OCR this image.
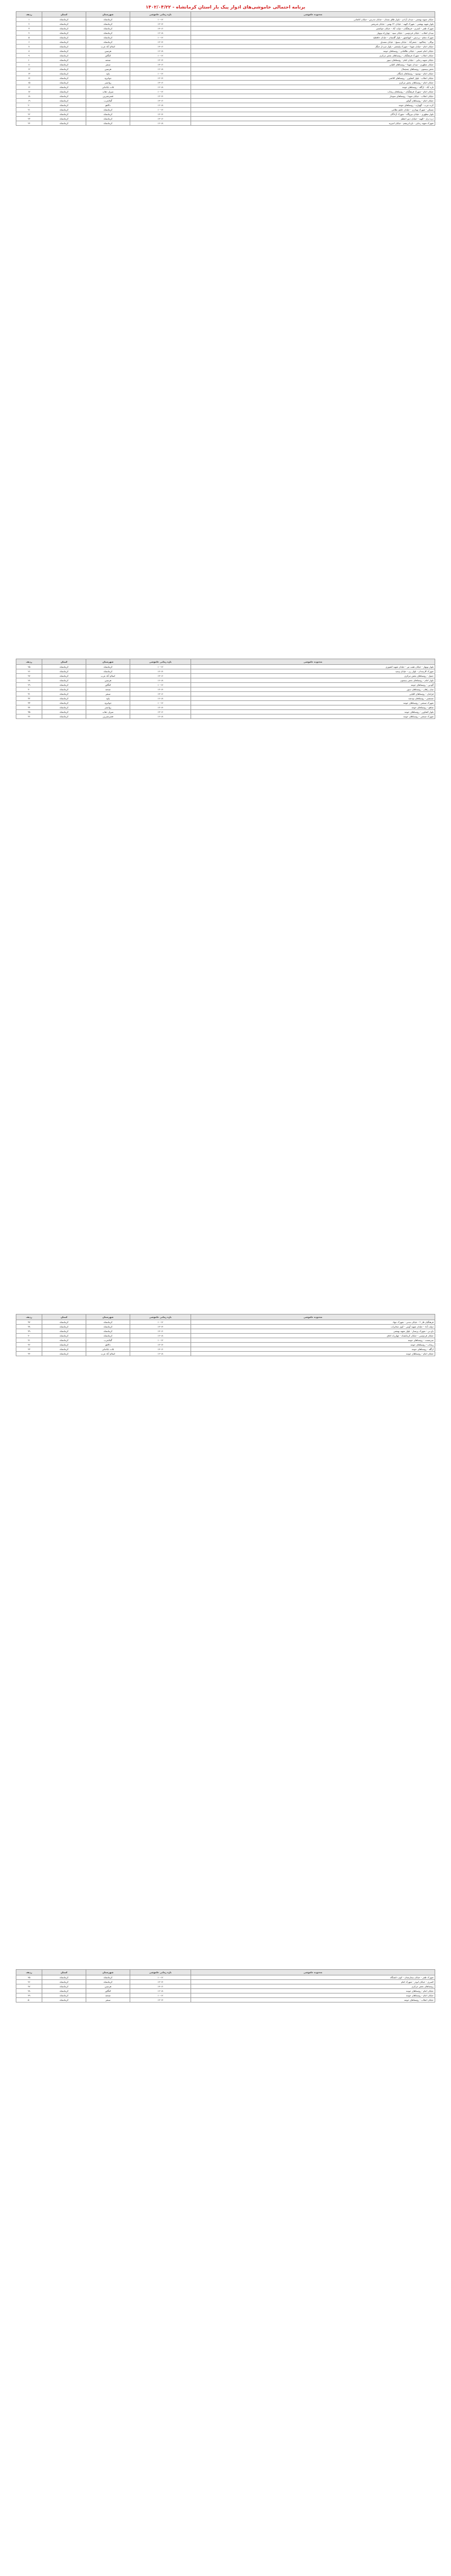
برنامه احتمالی خاموشی‌های ادوار پیک بار استان کرمانشاه - ۱۴۰۲/۰۴/۲۲
محدوده خاموشی	بازه زمانی خاموشی	شهرستان	استان	ردیف
خیابان شهید بهشتی - میدان آزادی - بلوار طاق بستان - خیابان مدرس - خیابان کاشانی	۱۰-۱۲	کرمانشاه	کرمانشاه	۱
بلوار شهید بهشتی - شهرک الهیه - خیابان ۲۲ بهمن - خیابان شریعتی	۱۲-۱۴	کرمانشاه	کرمانشاه	۲
شهرک ظفر - کسری - فرهنگیان - دولت آباد - خیابان جوانشیر	۱۴-۱۶	کرمانشاه	کرمانشاه	۳
میدان انقلاب - خیابان فردوسی - خیابان سپه - چهارراه نوبهار	۱۶-۱۸	کرمانشاه	کرمانشاه	۴
شهرک معلم - پردیس - کیهانشهر - بلوار گلستان - خیابان حافظیه	۱۰-۱۲	کرمانشاه	کرمانشاه	۵
نوکان - چقاکبود - جعفرآباد - خیابان بسیج - خیابان مصدق	۱۲-۱۴	کرمانشاه	کرمانشاه	۶
خیابان امام - خیابان شهدا - شهرک ولیعصر - بلوار سردار جنگل	۱۴-۱۶	اسلام آباد غرب	کرمانشاه	۷
خیابان امام خمینی - خیابان طالقانی - روستاهای حومه	۱۶-۱۸	هرسین	کرمانشاه	۸
خیابان انقلاب - شهرک فرهنگیان - روستاهای بخش مرکزی	۱۰-۱۲	کنگاور	کرمانشاه	۹
خیابان شهید رجایی - خیابان امام - روستاهای دینور	۱۲-۱۴	صحنه	کرمانشاه	۱۰
خیابان مطهری - میدان شهدا - روستاهای کلیایی	۱۴-۱۶	سنقر	کرمانشاه	۱۱
بخش بیستون - روستاهای چمچمال	۱۶-۱۸	هرسین	کرمانشاه	۱۲
خیابان امام - نوسود - روستاهای باینگان	۱۰-۱۲	پاوه	کرمانشاه	۱۳
خیابان انقلاب - بلوار کشاورز - روستاهای کلاشی	۱۲-۱۴	جوانرود	کرمانشاه	۱۴
خیابان امام - روستاهای بخش مرکزی	۱۴-۱۶	روانسر	کرمانشاه	۱۵
تازه آباد - ازگله - روستاهای حومه	۱۶-۱۸	ثلاث باباجانی	کرمانشاه	۱۶
خیابان امام - شهرک فرهنگیان - روستاهای ریجاب	۱۰-۱۲	سرپل ذهاب	کرمانشاه	۱۷
خیابان انقلاب - خیابان شهدا - روستاهای سومار	۱۲-۱۴	قصرشیرین	کرمانشاه	۱۸
خیابان امام - روستاهای گواور	۱۴-۱۶	گیلانغرب	کرمانشاه	۱۹
کرند غرب - گهواره - روستاهای حومه	۱۶-۱۸	دالاهو	کرمانشاه	۲۰
مسکن - شهرک بهداری - خیابان حکیم نظامی	۱۰-۱۲	کرمانشاه	کرمانشاه	۲۱
بلوار مطهری - خیابان نیروگاه - شهرک آزادگان	۱۲-۱۴	کرمانشاه	کرمانشاه	۲۲
دره دراز - الهیه - خیابان دبیر اعظم	۱۴-۱۶	کرمانشاه	کرمانشاه	۲۳
شهرک شهید رجایی - باغ ابریشم - خیابان امیریه	۱۶-۱۸	کرمانشاه	کرمانشاه	۲۴
محدوده خاموشی	بازه زمانی خاموشی	شهرستان	استان	ردیف
بلوار نوبهار - خیابان هفت تیر - خیابان شهید کشوری	۱۰-۱۲	کرمانشاه	کرمانشاه	۲۵
شهرک کارمندان - بلوار زن - خیابان وحید	۱۲-۱۴	کرمانشاه	کرمانشاه	۲۶
حمیل - روستاهای بخش مرکزی	۱۴-۱۶	اسلام آباد غرب	کرمانشاه	۲۷
بلوار امام - روستاهای بخش بیستون	۱۶-۱۸	هرسین	کرمانشاه	۲۸
گودین - روستاهای حومه	۱۰-۱۲	کنگاور	کرمانشاه	۲۹
میان راهان - روستاهای دینور	۱۲-۱۴	صحنه	کرمانشاه	۳۰
فرامان - روستاهای کلیایی	۱۴-۱۶	سنقر	کرمانشاه	۳۱
شمشیر - روستاهای نودشه	۱۶-۱۸	پاوه	کرمانشاه	۳۲
شهرک صنعتی - روستاهای حومه	۱۰-۱۲	جوانرود	کرمانشاه	۳۳
شاهو - روستاهای حومه	۱۲-۱۴	روانسر	کرمانشاه	۳۴
بلوار کشاورز - روستاهای حومه	۱۴-۱۶	سرپل ذهاب	کرمانشاه	۳۵
شهرک صنعتی - روستاهای حومه	۱۶-۱۸	قصرشیرین	کرمانشاه	۳۶
محدوده خاموشی	بازه زمانی خاموشی	شهرستان	استان	ردیف
فرهنگیان فاز ۲ - خیابان مدنی - شهرک جهاد	۱۰-۱۲	کرمانشاه	کرمانشاه	۳۷
دولت آباد - خیابان شهید آوینی - کوی مخابرات	۱۲-۱۴	کرمانشاه	کرمانشاه	۳۸
باغ نی - شهرک پرستار - بلوار شهید بهشتی	۱۴-۱۶	کرمانشاه	کرمانشاه	۳۹
خیابان فردوسی - خیابان کرمانشاه - چهارراه اجاق	۱۶-۱۸	کرمانشاه	کرمانشاه	۴۰
سرمست - روستاهای حومه	۱۰-۱۲	گیلانغرب	کرمانشاه	۴۱
ریجاب - روستاهای حومه	۱۲-۱۴	دالاهو	کرمانشاه	۴۲
ازگله - روستاهای حومه	۱۴-۱۶	ثلاث باباجانی	کرمانشاه	۴۳
خیابان امام - روستاهای حومه	۱۶-۱۸	اسلام آباد غرب	کرمانشاه	۴۴
محدوده خاموشی	بازه زمانی خاموشی	شهرستان	استان	ردیف
شهرک ظفر - خیابان بیمارستان - کوی دانشگاه	۱۰-۱۲	کرمانشاه	کرمانشاه	۴۵
کسری - خیابان ابوذر - شهرک امام	۱۲-۱۴	کرمانشاه	کرمانشاه	۴۶
روستاهای بخش مرکزی	۱۴-۱۶	هرسین	کرمانشاه	۴۷
خیابان امام - روستاهای حومه	۱۶-۱۸	کنگاور	کرمانشاه	۴۸
خیابان امام - روستاهای حومه	۱۰-۱۲	صحنه	کرمانشاه	۴۹
خیابان انقلاب - روستاهای حومه	۱۲-۱۴	سنقر	کرمانشاه	۵۰
